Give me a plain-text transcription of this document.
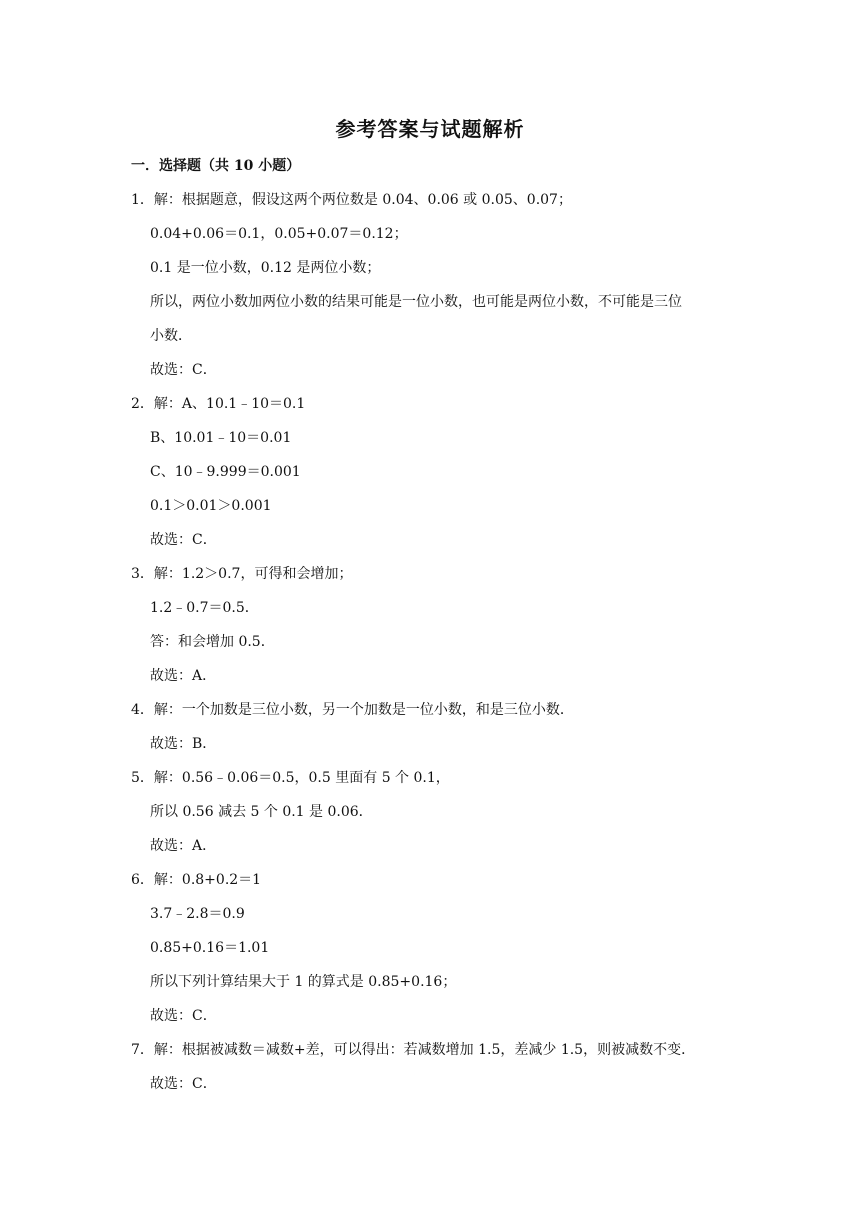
参考答案与试题解析
一．选择题（共 10 小题）
1．解：根据题意，假设这两个两位数是 0.04、0.06 或 0.05、0.07；
0.04+0.06＝0.1，0.05+0.07＝0.12；
0.1 是一位小数，0.12 是两位小数；
所以，两位小数加两位小数的结果可能是一位小数，也可能是两位小数，不可能是三位
小数．
故选：C．
2．解：A、10.1﹣10＝0.1
B、10.01﹣10＝0.01
C、10﹣9.999＝0.001
0.1＞0.01＞0.001
故选：C．
3．解：1.2＞0.7，可得和会增加；
1.2﹣0.7＝0.5．
答：和会增加 0.5．
故选：A．
4．解：一个加数是三位小数，另一个加数是一位小数，和是三位小数．
故选：B．
5．解：0.56﹣0.06＝0.5，0.5 里面有 5 个 0.1，
所以 0.56 减去 5 个 0.1 是 0.06．
故选：A．
6．解：0.8+0.2＝1
3.7﹣2.8＝0.9
0.85+0.16＝1.01
所以下列计算结果大于 1 的算式是 0.85+0.16；
故选：C．
7．解：根据被减数＝减数+差，可以得出：若减数增加 1.5，差减少 1.5，则被减数不变．
故选：C．
